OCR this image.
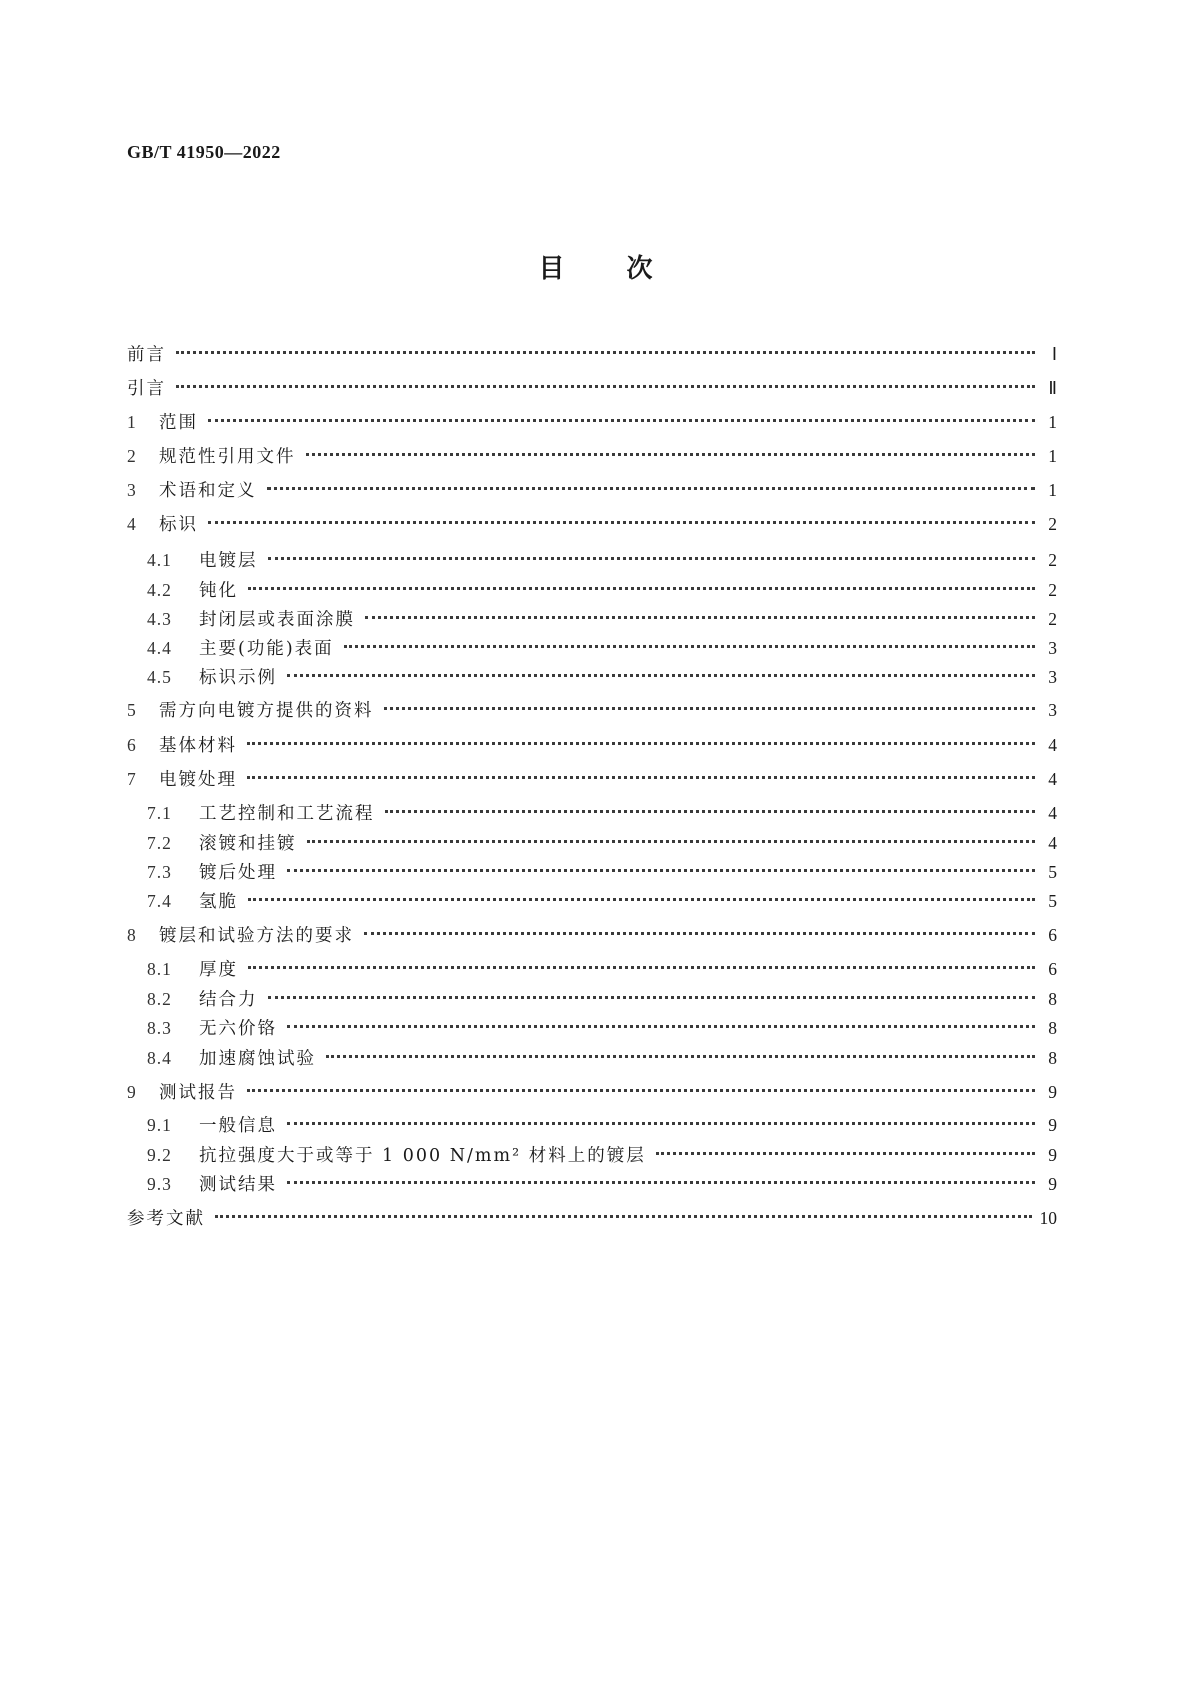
GB/T 41950—2022
目 次
前言	Ⅰ
引言	Ⅱ
1	范围	1
2	规范性引用文件	1
3	术语和定义	1
4	标识	2
4.1	电镀层	2
4.2	钝化	2
4.3	封闭层或表面涂膜	2
4.4	主要(功能)表面	3
4.5	标识示例	3
5	需方向电镀方提供的资料	3
6	基体材料	4
7	电镀处理	4
7.1	工艺控制和工艺流程	4
7.2	滚镀和挂镀	4
7.3	镀后处理	5
7.4	氢脆	5
8	镀层和试验方法的要求	6
8.1	厚度	6
8.2	结合力	8
8.3	无六价铬	8
8.4	加速腐蚀试验	8
9	测试报告	9
9.1	一般信息	9
9.2	抗拉强度大于或等于 1 000 N/mm² 材料上的镀层	9
9.3	测试结果	9
参考文献	10
